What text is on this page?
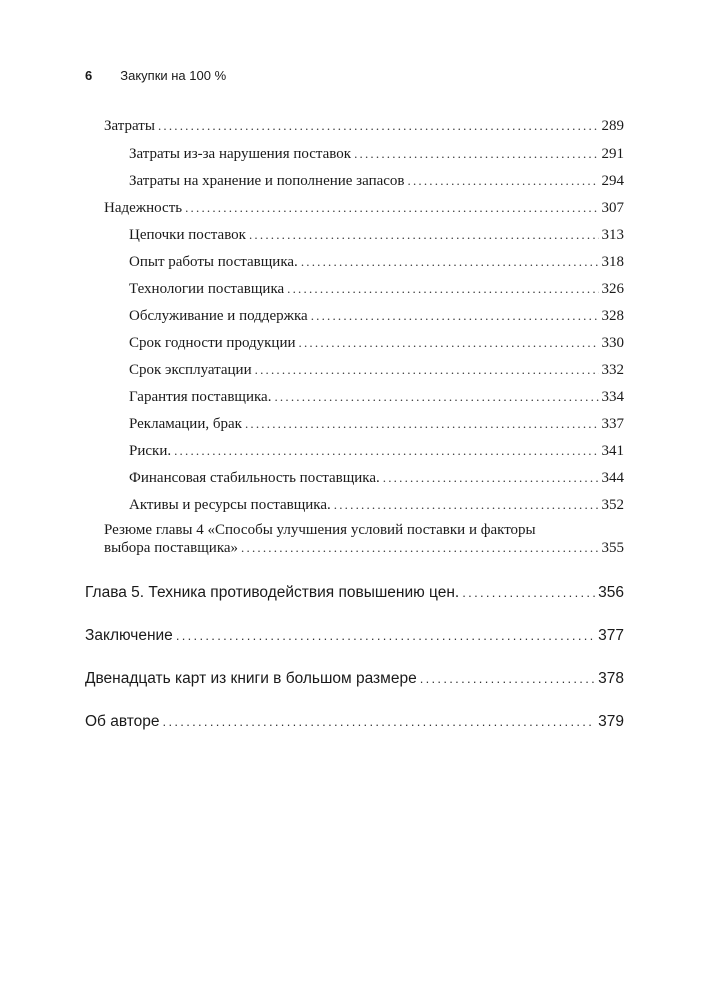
6 Закупки на 100 %
Затраты .....	289
Затраты из-за нарушения поставок .....	291
Затраты на хранение и пополнение запасов .....	294
Надежность .....	307
Цепочки поставок .....	313
Опыт работы поставщика. .....	318
Технологии поставщика .....	326
Обслуживание и поддержка .....	328
Срок годности продукции .....	330
Срок эксплуатации .....	332
Гарантия поставщика. .....	334
Рекламации, брак .....	337
Риски. .....	341
Финансовая стабильность поставщика. .....	344
Активы и ресурсы поставщика. .....	352
Резюме главы 4 «Способы улучшения условий поставки и факторы
выбора поставщика» .....	355
Глава 5. Техника противодействия повышению цен. .....	356
Заключение .....	377
Двенадцать карт из книги в большом размере .....	378
Об авторе .....	379
